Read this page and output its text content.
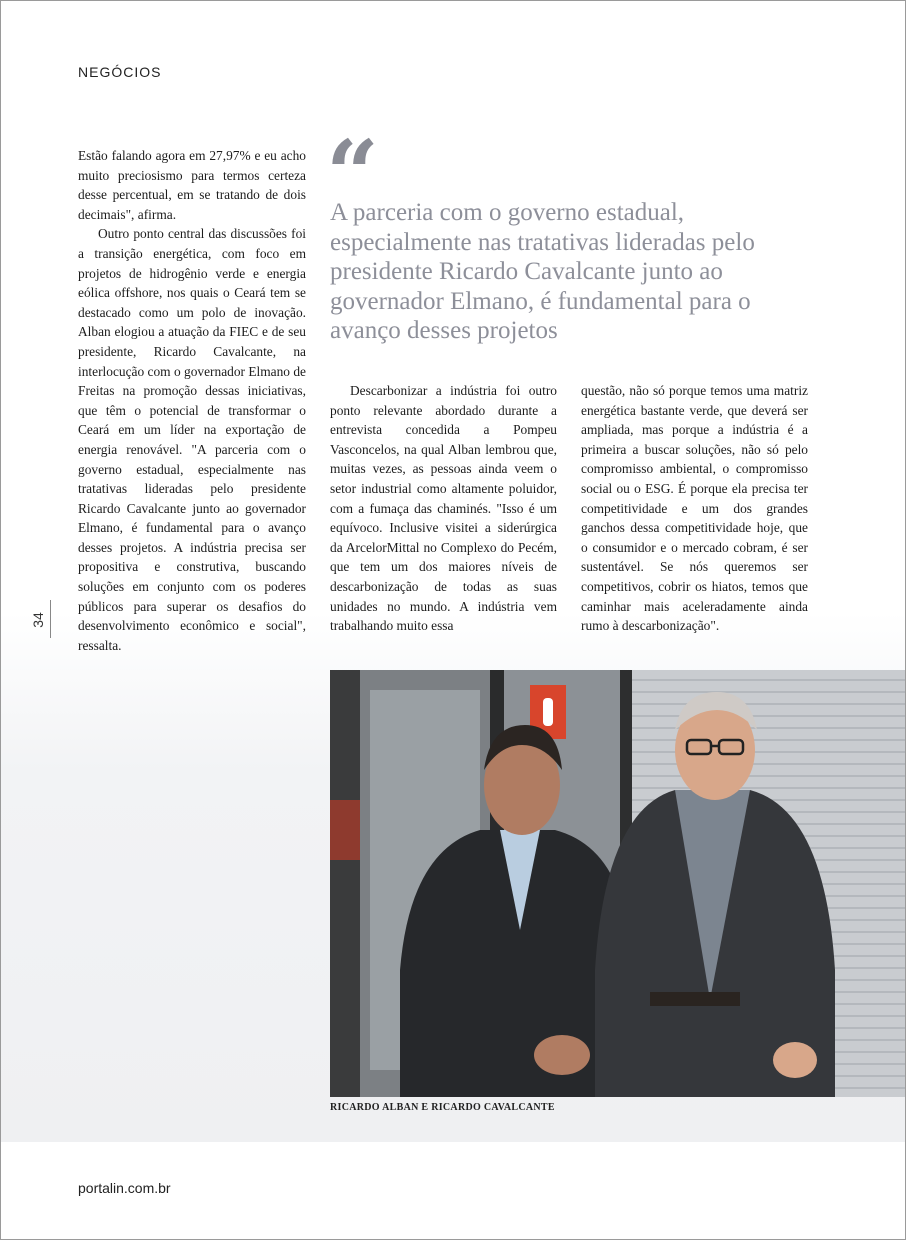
NEGÓCIOS
34

Estão falando agora em 27,97% e eu acho muito preciosismo para termos certeza desse percentual, em se tratando de dois decimais", afirma.

Outro ponto central das discussões foi a transição energética, com foco em projetos de hidrogênio verde e energia eólica offshore, nos quais o Ceará tem se destacado como um polo de inovação. Alban elogiou a atuação da FIEC e de seu presidente, Ricardo Cavalcante, na interlocução com o governador Elmano de Freitas na promoção dessas iniciativas, que têm o potencial de transformar o Ceará em um líder na exportação de energia renovável. "A parceria com o governo estadual, especialmente nas tratativas lideradas pelo presidente Ricardo Cavalcante junto ao governador Elmano, é fundamental para o avanço desses projetos. A indústria precisa ser propositiva e construtiva, buscando soluções em conjunto com os poderes públicos para superar os desafios do desenvolvimento econômico e social", ressalta.

“
A parceria com o governo estadual, especialmente nas tratativas lideradas pelo presidente Ricardo Cavalcante junto ao governador Elmano, é fundamental para o avanço desses projetos

Descarbonizar a indústria foi outro ponto relevante abordado durante a entrevista concedida a Pompeu Vasconcelos, na qual Alban lembrou que, muitas vezes, as pessoas ainda veem o setor industrial como altamente poluidor, com a fumaça das chaminés. "Isso é um equívoco. Inclusive visitei a siderúrgica da ArcelorMittal no Complexo do Pecém, que tem um dos maiores níveis de descarbonização de todas as suas unidades no mundo. A indústria vem trabalhando muito essa

questão, não só porque temos uma matriz energética bastante verde, que deverá ser ampliada, mas porque a indústria é a primeira a buscar soluções, não só pelo compromisso ambiental, o compromisso social ou o ESG. É porque ela precisa ter competitividade e um dos grandes ganchos dessa competitividade hoje, que o consumidor e o mercado cobram, é ser sustentável. Se nós queremos ser competitivos, cobrir os hiatos, temos que caminhar mais aceleradamente ainda rumo à descarbonização".

RICARDO ALBAN E RICARDO CAVALCANTE
portalin.com.br
